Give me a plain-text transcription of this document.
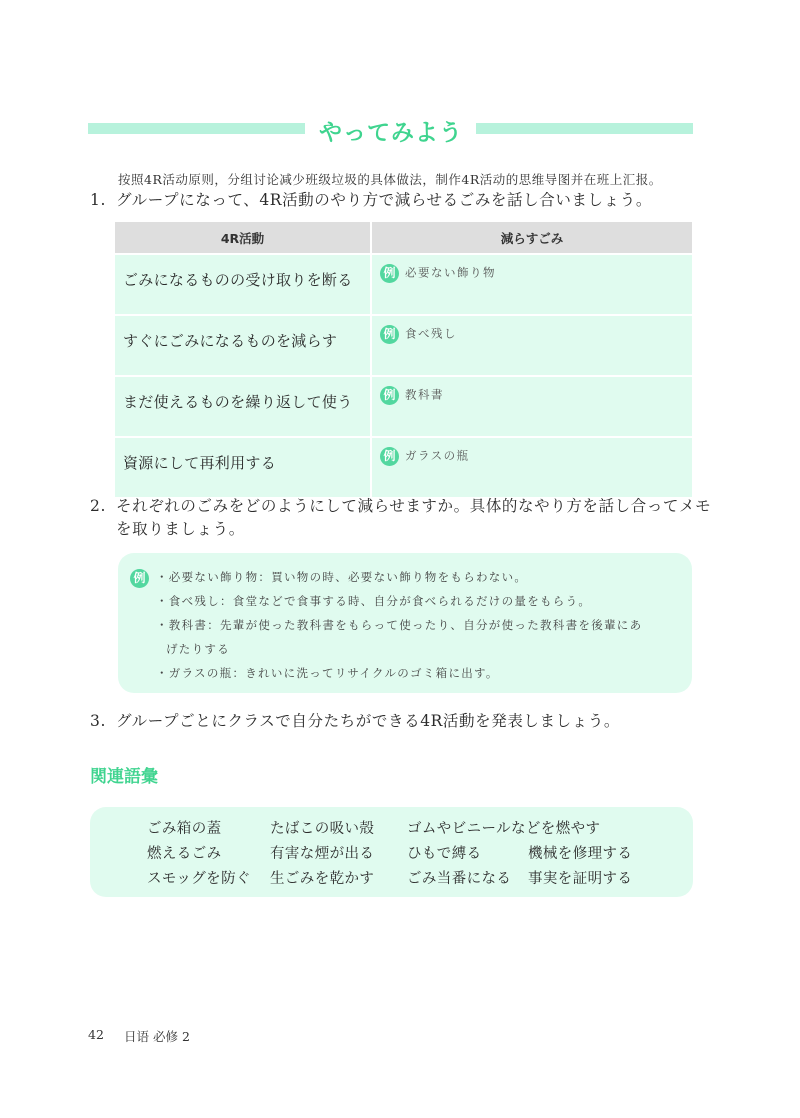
やってみよう
按照4R活动原则，分组讨论减少班级垃圾的具体做法，制作4R活动的思维导图并在班上汇报。
1. グループになって、4R活動のやり方で減らせるごみを話し合いましょう。
4R活動	減らすごみ
ごみになるものの受け取りを断る	例 必要ない飾り物
すぐにごみになるものを減らす	例 食べ残し
まだ使えるものを繰り返して使う	例 教科書
資源にして再利用する	例 ガラスの瓶
2. それぞれのごみをどのようにして減らせますか。具体的なやり方を話し合ってメモ
を取りましょう。
例 ・必要ない飾り物：買い物の時、必要ない飾り物をもらわない。
・食べ残し：食堂などで食事する時、自分が食べられるだけの量をもらう。
・教科書：先輩が使った教科書をもらって使ったり、自分が使った教科書を後輩にあ
げたりする
・ガラスの瓶：きれいに洗ってリサイクルのゴミ箱に出す。
3. グループごとにクラスで自分たちができる4R活動を発表しましょう。
関連語彙
ごみ箱の蓋	たばこの吸い殻 ゴムやビニールなどを燃やす
燃えるごみ	有害な煙が出る ひもで縛る	機械を修理する
スモッグを防ぐ 生ごみを乾かす ごみ当番になる 事実を証明する
42 日语 必修 2
